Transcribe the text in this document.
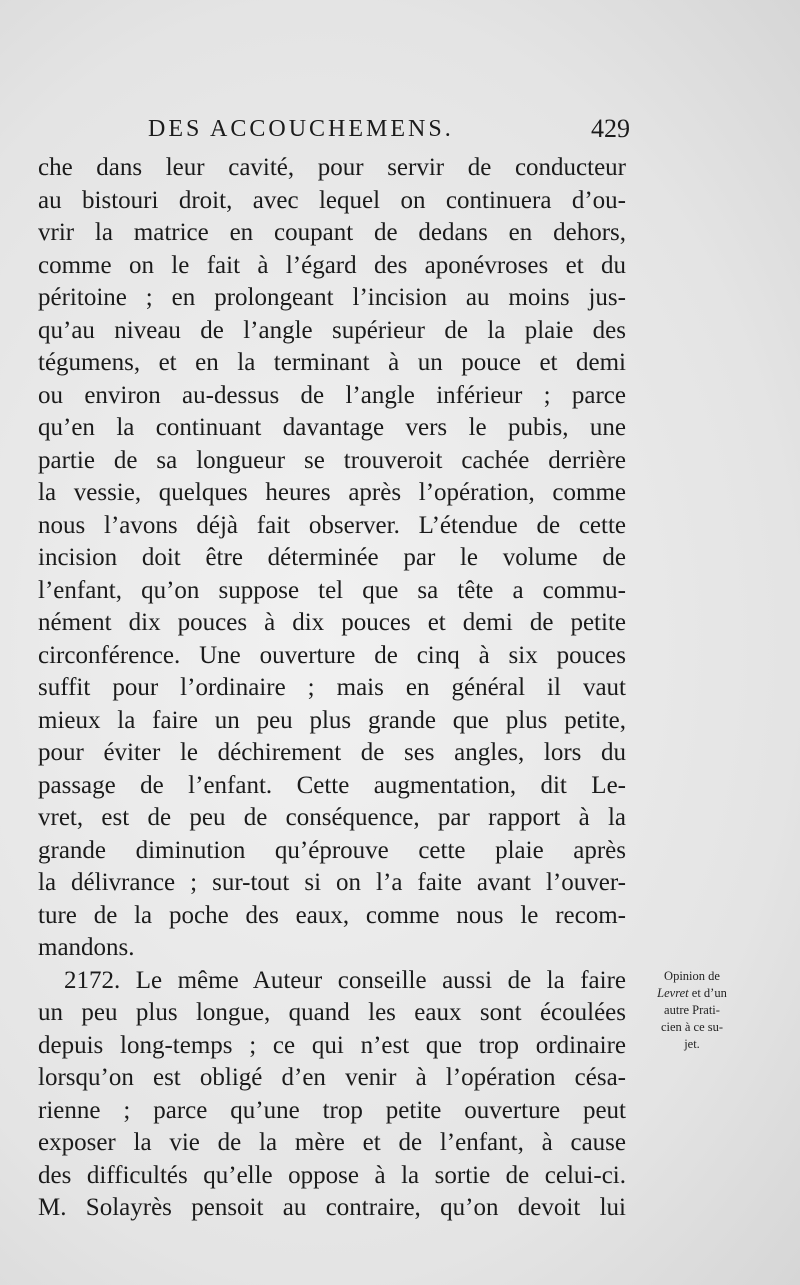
DES ACCOUCHEMENS.	429
che dans leur cavité, pour servir de conducteur
au bistouri droit, avec lequel on continuera d’ou-
vrir la matrice en coupant de dedans en dehors,
comme on le fait à l’égard des aponévroses et du
péritoine ; en prolongeant l’incision au moins jus-
qu’au niveau de l’angle supérieur de la plaie des
tégumens, et en la terminant à un pouce et demi
ou environ au-dessus de l’angle inférieur ; parce
qu’en la continuant davantage vers le pubis, une
partie de sa longueur se trouveroit cachée derrière
la vessie, quelques heures après l’opération, comme
nous l’avons déjà fait observer. L’étendue de cette
incision doit être déterminée par le volume de
l’enfant, qu’on suppose tel que sa tête a commu-
nément dix pouces à dix pouces et demi de petite
circonférence. Une ouverture de cinq à six pouces
suffit pour l’ordinaire ; mais en général il vaut
mieux la faire un peu plus grande que plus petite,
pour éviter le déchirement de ses angles, lors du
passage de l’enfant. Cette augmentation, dit Le-
vret, est de peu de conséquence, par rapport à la
grande diminution qu’éprouve cette plaie après
la délivrance ; sur-tout si on l’a faite avant l’ouver-
ture de la poche des eaux, comme nous le recom-
mandons.
2172. Le même Auteur conseille aussi de la faire
un peu plus longue, quand les eaux sont écoulées
depuis long-temps ; ce qui n’est que trop ordinaire
lorsqu’on est obligé d’en venir à l’opération césa-
rienne ; parce qu’une trop petite ouverture peut
exposer la vie de la mère et de l’enfant, à cause
des difficultés qu’elle oppose à la sortie de celui-ci.
M. Solayrès pensoit au contraire, qu’on devoit lui
Opinion de
Levret et d’un
autre Prati-
cien à ce su-
jet.
